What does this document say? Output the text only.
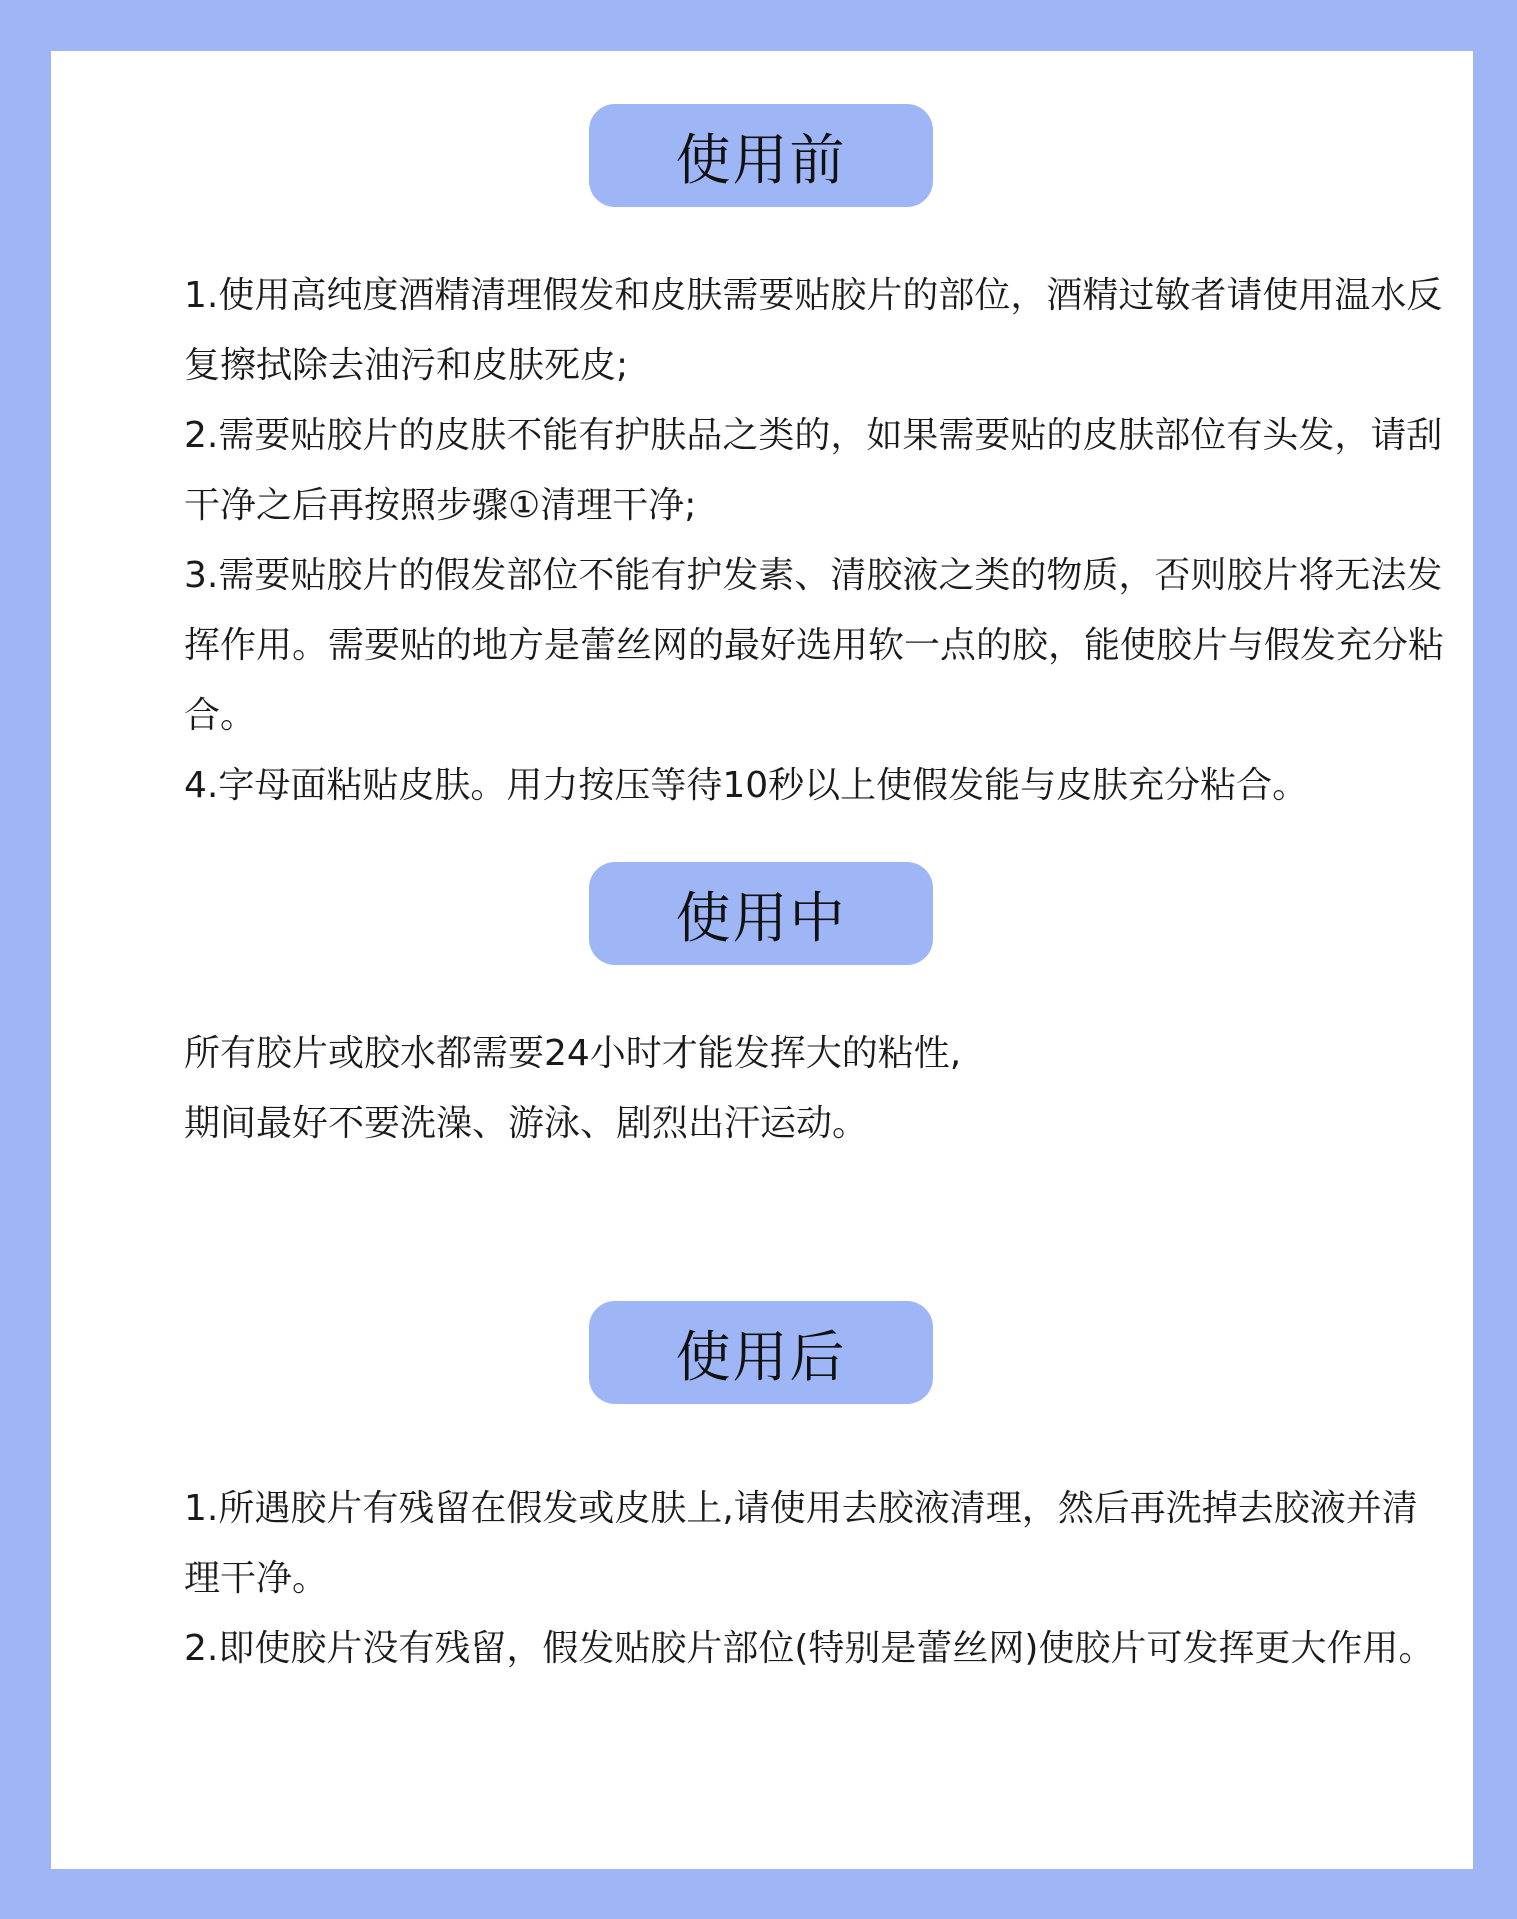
使用前

1.使用高纯度酒精清理假发和皮肤需要贴胶片的部位，酒精过敏者请使用温水反复擦拭除去油污和皮肤死皮;

2.需要贴胶片的皮肤不能有护肤品之类的，如果需要贴的皮肤部位有头发，请刮干净之后再按照步骤①清理干净;

3.需要贴胶片的假发部位不能有护发素、清胶液之类的物质，否则胶片将无法发挥作用。需要贴的地方是蕾丝网的最好选用软一点的胶，能使胶片与假发充分粘合。

4.字母面粘贴皮肤。用力按压等待10秒以上使假发能与皮肤充分粘合。

使用中

所有胶片或胶水都需要24小时才能发挥大的粘性,

期间最好不要洗澡、游泳、剧烈出汗运动。

使用后

1.所遇胶片有残留在假发或皮肤上,请使用去胶液清理，然后再洗掉去胶液并清理干净。

2.即使胶片没有残留，假发贴胶片部位(特别是蕾丝网)使胶片可发挥更大作用。
